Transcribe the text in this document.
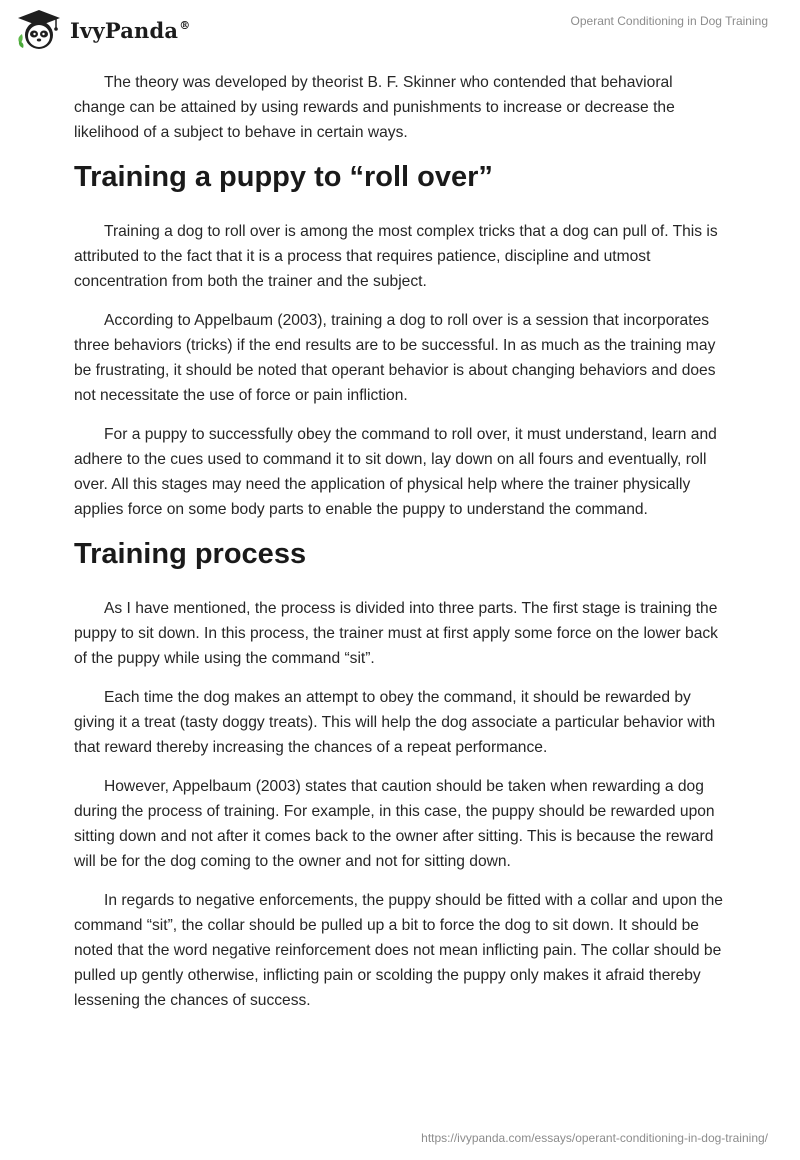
IvyPanda®	Operant Conditioning in Dog Training

The theory was developed by theorist B. F. Skinner who contended that behavioral change can be attained by using rewards and punishments to increase or decrease the likelihood of a subject to behave in certain ways.

Training a puppy to “roll over”

Training a dog to roll over is among the most complex tricks that a dog can pull of. This is attributed to the fact that it is a process that requires patience, discipline and utmost concentration from both the trainer and the subject.

According to Appelbaum (2003), training a dog to roll over is a session that incorporates three behaviors (tricks) if the end results are to be successful. In as much as the training may be frustrating, it should be noted that operant behavior is about changing behaviors and does not necessitate the use of force or pain infliction.

For a puppy to successfully obey the command to roll over, it must understand, learn and adhere to the cues used to command it to sit down, lay down on all fours and eventually, roll over. All this stages may need the application of physical help where the trainer physically applies force on some body parts to enable the puppy to understand the command.

Training process

As I have mentioned, the process is divided into three parts. The first stage is training the puppy to sit down. In this process, the trainer must at first apply some force on the lower back of the puppy while using the command “sit”.

Each time the dog makes an attempt to obey the command, it should be rewarded by giving it a treat (tasty doggy treats). This will help the dog associate a particular behavior with that reward thereby increasing the chances of a repeat performance.

However, Appelbaum (2003) states that caution should be taken when rewarding a dog during the process of training. For example, in this case, the puppy should be rewarded upon sitting down and not after it comes back to the owner after sitting. This is because the reward will be for the dog coming to the owner and not for sitting down.

In regards to negative enforcements, the puppy should be fitted with a collar and upon the command “sit”, the collar should be pulled up a bit to force the dog to sit down. It should be noted that the word negative reinforcement does not mean inflicting pain. The collar should be pulled up gently otherwise, inflicting pain or scolding the puppy only makes it afraid thereby lessening the chances of success.

https://ivypanda.com/essays/operant-conditioning-in-dog-training/
